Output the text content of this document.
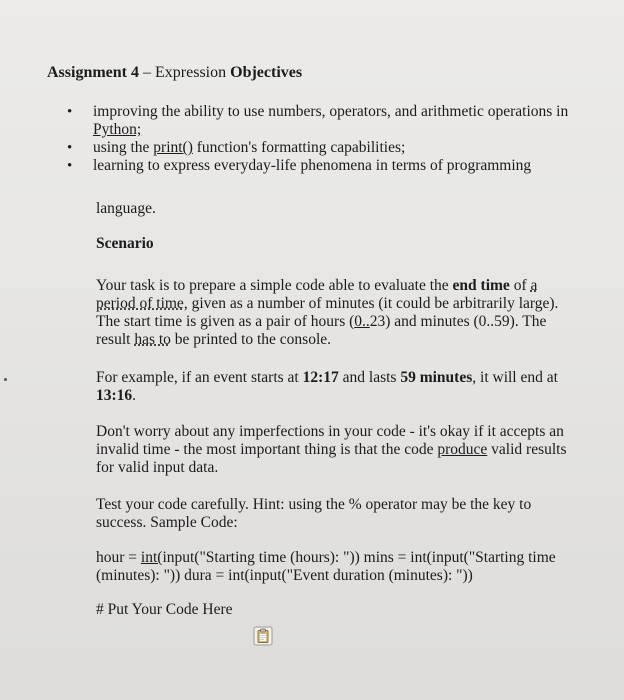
Assignment 4 – Expression Objectives
• improving the ability to use numbers, operators, and arithmetic operations in
Python;
• using the print() function's formatting capabilities;
• learning to express everyday-life phenomena in terms of programming
language.
Scenario
Your task is to prepare a simple code able to evaluate the end time of a
period of time, given as a number of minutes (it could be arbitrarily large).
The start time is given as a pair of hours (0..23) and minutes (0..59). The
result has to be printed to the console.
For example, if an event starts at 12:17 and lasts 59 minutes, it will end at
13:16.
Don't worry about any imperfections in your code - it's okay if it accepts an
invalid time - the most important thing is that the code produce valid results
for valid input data.
Test your code carefully. Hint: using the % operator may be the key to
success. Sample Code:
hour = int(input("Starting time (hours): ")) mins = int(input("Starting time
(minutes): ")) dura = int(input("Event duration (minutes): "))
# Put Your Code Here
